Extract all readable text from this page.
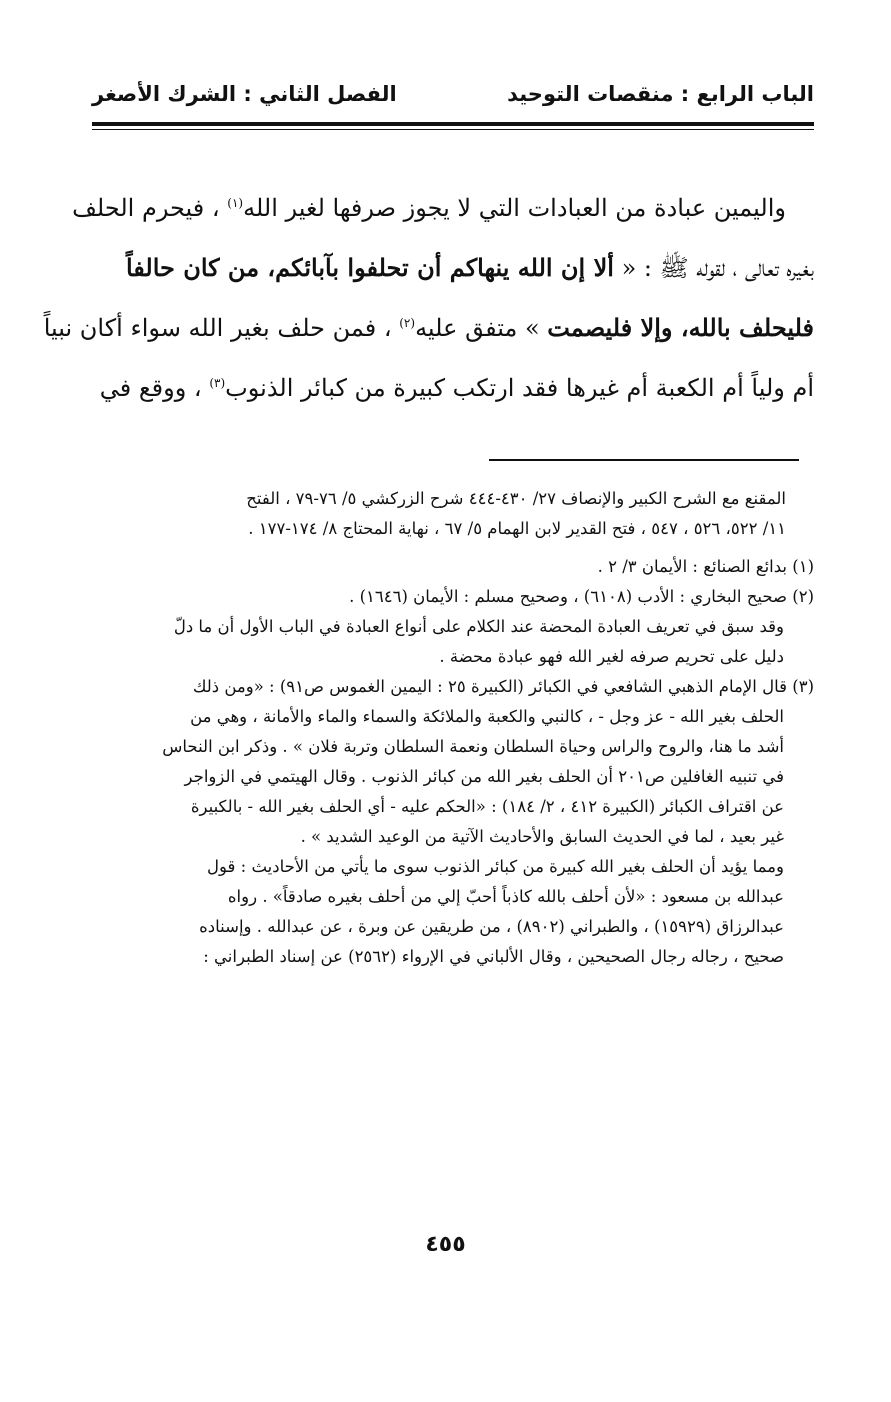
الباب الرابع : منقصات التوحيد
الفصل الثاني : الشرك الأصغر
واليمين عبادة من العبادات التي لا يجوز صرفها لغير الله$^{(١)}$ ، فيحرم الحلف
بغيره تعالى ، لقوله ﷺ : « ألا إن الله ينهاكم أن تحلفوا بآبائكم، من كان حالفاً
فليحلف بالله، وإلا فليصمت » متفق عليه$^{(٢)}$ ، فمن حلف بغير الله سواء أكان نبياً
أم ولياً أم الكعبة أم غيرها فقد ارتكب كبيرة من كبائر الذنوب$^{(٣)}$ ، ووقع في
المقنع مع الشرح الكبير والإنصاف ٢٧/ ٤٣٠-٤٤٤ شرح الزركشي ٥/ ٧٦-٧٩ ، الفتح
١١/ ٥٢٢، ٥٢٦ ، ٥٤٧ ، فتح القدير لابن الهمام ٥/ ٦٧ ، نهاية المحتاج ٨/ ١٧٤-١٧٧ .
(١) بدائع الصنائع : الأيمان ٣/ ٢ .
(٢) صحيح البخاري : الأدب (٦١٠٨) ، وصحيح مسلم : الأيمان (١٦٤٦) .
وقد سبق في تعريف العبادة المحضة عند الكلام على أنواع العبادة في الباب الأول أن ما دلّ
دليل على تحريم صرفه لغير الله فهو عبادة محضة .
(٣) قال الإمام الذهبي الشافعي في الكبائر (الكبيرة ٢٥ : اليمين الغموس ص٩١) : «ومن ذلك
الحلف بغير الله - عز وجل - ، كالنبي والكعبة والملائكة والسماء والماء والأمانة ، وهي من
أشد ما هنا، والروح والراس وحياة السلطان ونعمة السلطان وتربة فلان » . وذكر ابن النحاس
في تنبيه الغافلين ص٢٠١ أن الحلف بغير الله من كبائر الذنوب . وقال الهيتمي في الزواجر
عن اقتراف الكبائر (الكبيرة ٤١٢ ، ٢/ ١٨٤) : «الحكم عليه - أي الحلف بغير الله - بالكبيرة
غير بعيد ، لما في الحديث السابق والأحاديث الآتية من الوعيد الشديد » .
ومما يؤيد أن الحلف بغير الله كبيرة من كبائر الذنوب سوى ما يأتي من الأحاديث : قول
عبدالله بن مسعود : «لأن أحلف بالله كاذباً أحبّ إلي من أحلف بغيره صادقاً» . رواه
عبدالرزاق (١٥٩٢٩) ، والطبراني (٨٩٠٢) ، من طريقين عن وبرة ، عن عبدالله . وإسناده
صحيح ، رجاله رجال الصحيحين ، وقال الألباني في الإرواء (٢٥٦٢) عن إسناد الطبراني :
٤٥٥
